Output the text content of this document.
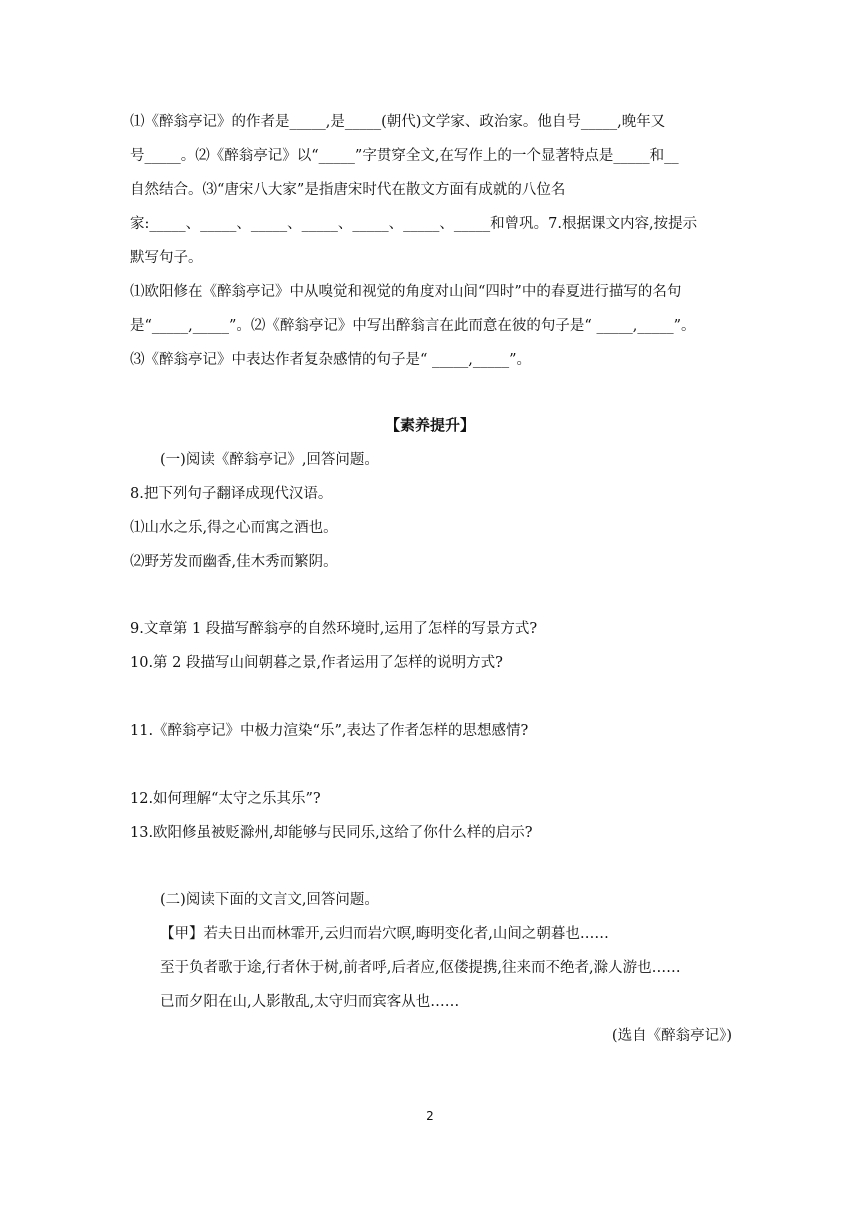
⑴《醉翁亭记》的作者是_____,是_____(朝代)文学家、政治家。他自号_____,晚年又
号_____。⑵《醉翁亭记》以“_____”字贯穿全文,在写作上的一个显著特点是_____和__
自然结合。⑶“唐宋八大家”是指唐宋时代在散文方面有成就的八位名
家:_____、_____、_____、_____、_____、_____、_____和曾巩。7.根据课文内容,按提示
默写句子。
⑴欧阳修在《醉翁亭记》中从嗅觉和视觉的角度对山间“四时”中的春夏进行描写的名句
是“_____,_____”。⑵《醉翁亭记》中写出醉翁言在此而意在彼的句子是“ _____,_____”。
⑶《醉翁亭记》中表达作者复杂感情的句子是“ _____,_____”。
【素养提升】
(一)阅读《醉翁亭记》,回答问题。
8.把下列句子翻译成现代汉语。
⑴山水之乐,得之心而寓之酒也。
⑵野芳发而幽香,佳木秀而繁阴。
9.文章第 1 段描写醉翁亭的自然环境时,运用了怎样的写景方式?
10.第 2 段描写山间朝暮之景,作者运用了怎样的说明方式?
11.《醉翁亭记》中极力渲染“乐”,表达了作者怎样的思想感情?
12.如何理解“太守之乐其乐”?
13.欧阳修虽被贬滁州,却能够与民同乐,这给了你什么样的启示?
(二)阅读下面的文言文,回答问题。
【甲】若夫日出而林霏开,云归而岩穴暝,晦明变化者,山间之朝暮也……
至于负者歌于途,行者休于树,前者呼,后者应,伛偻提携,往来而不绝者,滁人游也……
已而夕阳在山,人影散乱,太守归而宾客从也……
(选自《醉翁亭记》)
2
